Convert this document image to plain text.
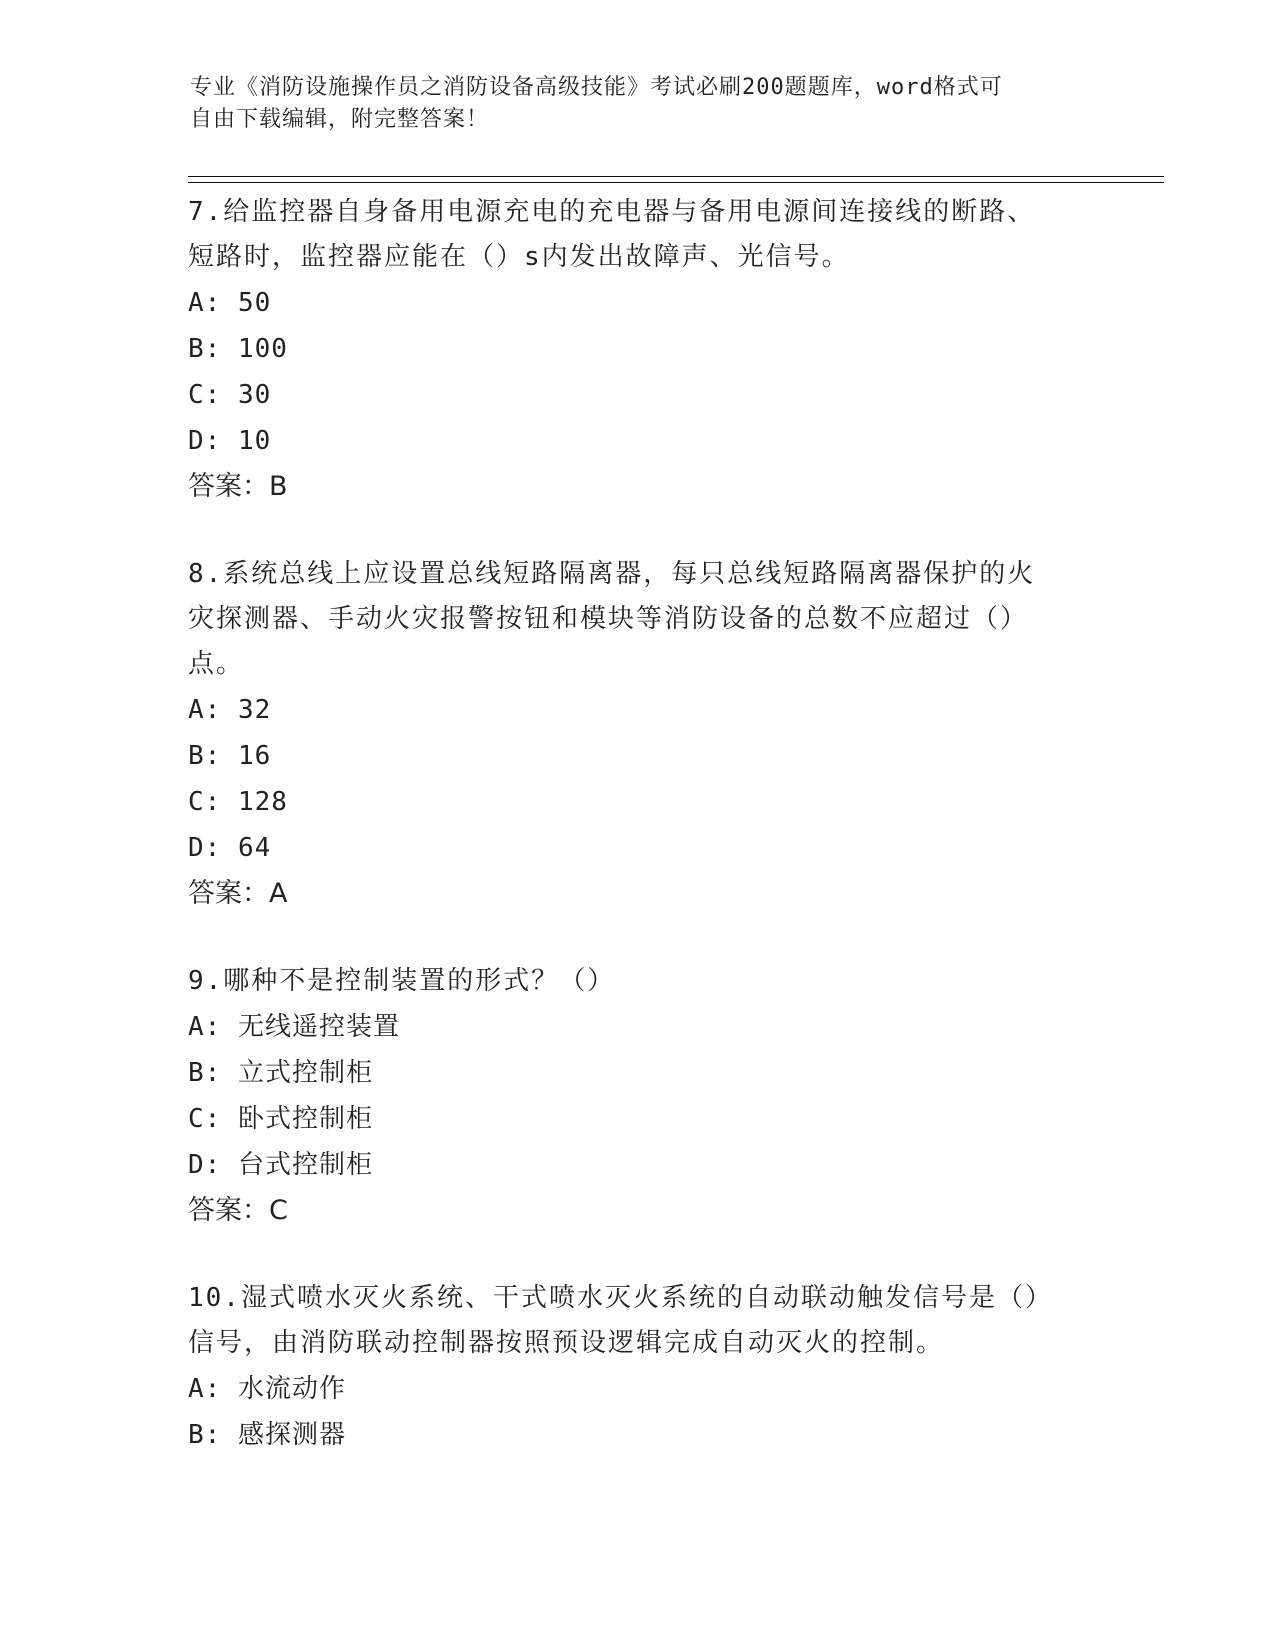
专业《消防设施操作员之消防设备高级技能》考试必刷200题题库，word格式可
自由下载编辑，附完整答案！

7.给监控器自身备用电源充电的充电器与备用电源间连接线的断路、

短路时，监控器应能在（）s内发出故障声、光信号。

A: 50

B: 100

C: 30

D: 10

答案：B

8.系统总线上应设置总线短路隔离器，每只总线短路隔离器保护的火

灾探测器、手动火灾报警按钮和模块等消防设备的总数不应超过（）

点。

A: 32

B: 16

C: 128

D: 64

答案：A

9.哪种不是控制装置的形式？（）

A: 无线遥控装置

B: 立式控制柜

C: 卧式控制柜

D: 台式控制柜

答案：C

10.湿式喷水灭火系统、干式喷水灭火系统的自动联动触发信号是（）

信号，由消防联动控制器按照预设逻辑完成自动灭火的控制。

A: 水流动作

B: 感探测器
